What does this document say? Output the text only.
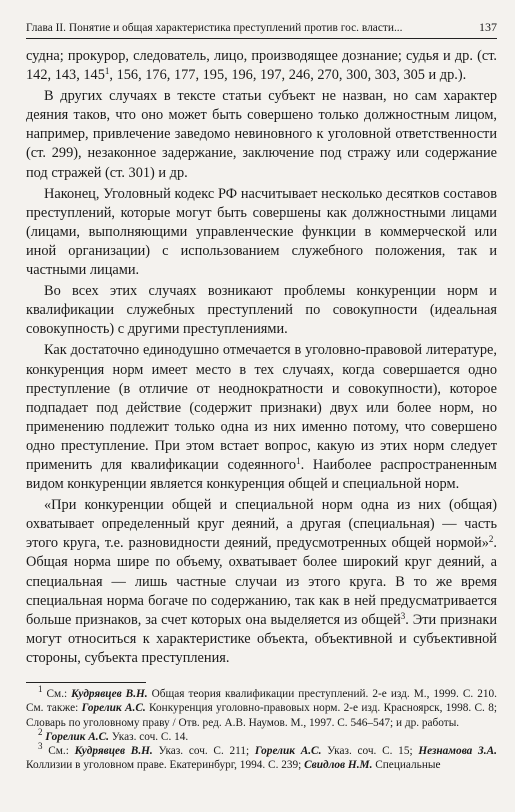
Глава II. Понятие и общая характеристика преступлений против гос. власти...	137

судна; прокурор, следователь, лицо, производящее дознание; судья и др. (ст. 142, 143, $145^1$, 156, 176, 177, 195, 196, 197, 246, 270, 300, 303, 305 и др.).

В других случаях в тексте статьи субъект не назван, но сам характер деяния таков, что оно может быть совершено только должностным лицом, например, привлечение заведомо невиновного к уголовной ответственности (ст. 299), незаконное задержание, заключение под стражу или содержание под стражей (ст. 301) и др.

Наконец, Уголовный кодекс РФ насчитывает несколько десятков составов преступлений, которые могут быть совершены как должностными лицами (лицами, выполняющими управленческие функции в коммерческой или иной организации) с использованием служебного положения, так и частными лицами.

Во всех этих случаях возникают проблемы конкуренции норм и квалификации служебных преступлений по совокупности (идеальная совокупность) с другими преступлениями.

Как достаточно единодушно отмечается в уголовно-правовой литературе, конкуренция норм имеет место в тех случаях, когда совершается одно преступление (в отличие от неоднократности и совокупности), которое подпадает под действие (содержит признаки) двух или более норм, но применению подлежит только одна из них именно потому, что совершено одно преступление. При этом встает вопрос, какую из этих норм следует применить для квалификации содеянного$^1$. Наиболее распространенным видом конкуренции является конкуренция общей и специальной норм.

«При конкуренции общей и специальной норм одна из них (общая) охватывает определенный круг деяний, а другая (специальная) — часть этого круга, т.е. разновидности деяний, предусмотренных общей нормой»$^2$. Общая норма шире по объему, охватывает более широкий круг деяний, а специальная — лишь частные случаи из этого круга. В то же время специальная норма богаче по содержанию, так как в ней предусматривается больше признаков, за счет которых она выделяется из общей$^3$. Эти признаки могут относиться к характеристике объекта, объективной и субъективной стороны, субъекта преступления.

$^1$ См.: Кудрявцев В.Н. Общая теория квалификации преступлений. 2-е изд. М., 1999. С. 210. См. также: Горелик А.С. Конкуренция уголовно-правовых норм. 2-е изд. Красноярск, 1998. С. 8; Словарь по уголовному праву / Отв. ред. А.В. Наумов. М., 1997. С. 546–547; и др. работы.

$^2$ Горелик А.С. Указ. соч. С. 14.

$^3$ См.: Кудрявцев В.Н. Указ. соч. С. 211; Горелик А.С. Указ. соч. С. 15; Незнамова З.А. Коллизии в уголовном праве. Екатеринбург, 1994. С. 239; Свидлов Н.М. Специальные
